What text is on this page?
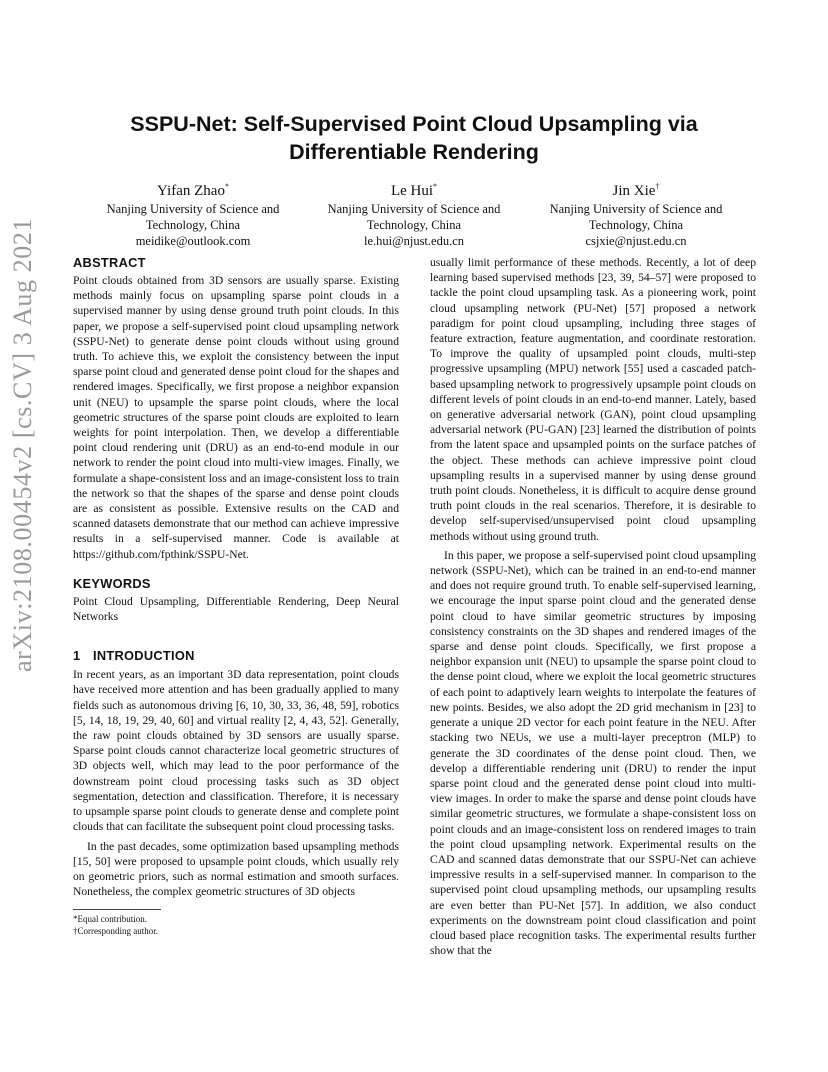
SSPU-Net: Self-Supervised Point Cloud Upsampling via Differentiable Rendering
Yifan Zhao*
Nanjing University of Science and
Technology, China
meidike@outlook.com
Le Hui*
Nanjing University of Science and
Technology, China
le.hui@njust.edu.cn
Jin Xie†
Nanjing University of Science and
Technology, China
csjxie@njust.edu.cn
arXiv:2108.00454v2 [cs.CV] 3 Aug 2021	ABSTRACT

Point clouds obtained from 3D sensors are usually sparse. Existing methods mainly focus on upsampling sparse point clouds in a supervised manner by using dense ground truth point clouds. In this paper, we propose a self-supervised point cloud upsampling network (SSPU-Net) to generate dense point clouds without using ground truth. To achieve this, we exploit the consistency between the input sparse point cloud and generated dense point cloud for the shapes and rendered images. Specifically, we first propose a neighbor expansion unit (NEU) to upsample the sparse point clouds, where the local geometric structures of the sparse point clouds are exploited to learn weights for point interpolation. Then, we develop a differentiable point cloud rendering unit (DRU) as an end-to-end module in our network to render the point cloud into multi-view images. Finally, we formulate a shape-consistent loss and an image-consistent loss to train the network so that the shapes of the sparse and dense point clouds are as consistent as possible. Extensive results on the CAD and scanned datasets demonstrate that our method can achieve impressive results in a self-supervised manner. Code is available at https://github.com/fpthink/SSPU-Net.

KEYWORDS

Point Cloud Upsampling, Differentiable Rendering, Deep Neural Networks

1 INTRODUCTION

In recent years, as an important 3D data representation, point clouds have received more attention and has been gradually applied to many fields such as autonomous driving [6, 10, 30, 33, 36, 48, 59], robotics [5, 14, 18, 19, 29, 40, 60] and virtual reality [2, 4, 43, 52]. Generally, the raw point clouds obtained by 3D sensors are usually sparse. Sparse point clouds cannot characterize local geometric structures of 3D objects well, which may lead to the poor performance of the downstream point cloud processing tasks such as 3D object segmentation, detection and classification. Therefore, it is necessary to upsample sparse point clouds to generate dense and complete point clouds that can facilitate the subsequent point cloud processing tasks.

In the past decades, some optimization based upsampling methods [15, 50] were proposed to upsample point clouds, which usually rely on geometric priors, such as normal estimation and smooth surfaces. Nonetheless, the complex geometric structures of 3D objects

*Equal contribution.
†Corresponding author.

usually limit performance of these methods. Recently, a lot of deep learning based supervised methods [23, 39, 54–57] were proposed to tackle the point cloud upsampling task. As a pioneering work, point cloud upsampling network (PU-Net) [57] proposed a network paradigm for point cloud upsampling, including three stages of feature extraction, feature augmentation, and coordinate restoration. To improve the quality of upsampled point clouds, multi-step progressive upsampling (MPU) network [55] used a cascaded patch-based upsampling network to progressively upsample point clouds on different levels of point clouds in an end-to-end manner. Lately, based on generative adversarial network (GAN), point cloud upsampling adversarial network (PU-GAN) [23] learned the distribution of points from the latent space and upsampled points on the surface patches of the object. These methods can achieve impressive point cloud upsampling results in a supervised manner by using dense ground truth point clouds. Nonetheless, it is difficult to acquire dense ground truth point clouds in the real scenarios. Therefore, it is desirable to develop self-supervised/unsupervised point cloud upsampling methods without using ground truth.

In this paper, we propose a self-supervised point cloud upsampling network (SSPU-Net), which can be trained in an end-to-end manner and does not require ground truth. To enable self-supervised learning, we encourage the input sparse point cloud and the generated dense point cloud to have similar geometric structures by imposing consistency constraints on the 3D shapes and rendered images of the sparse and dense point clouds. Specifically, we first propose a neighbor expansion unit (NEU) to upsample the sparse point cloud to the dense point cloud, where we exploit the local geometric structures of each point to adaptively learn weights to interpolate the features of new points. Besides, we also adopt the 2D grid mechanism in [23] to generate a unique 2D vector for each point feature in the NEU. After stacking two NEUs, we use a multi-layer preceptron (MLP) to generate the 3D coordinates of the dense point cloud. Then, we develop a differentiable rendering unit (DRU) to render the input sparse point cloud and the generated dense point cloud into multi-view images. In order to make the sparse and dense point clouds have similar geometric structures, we formulate a shape-consistent loss on point clouds and an image-consistent loss on rendered images to train the point cloud upsampling network. Experimental results on the CAD and scanned datas demonstrate that our SSPU-Net can achieve impressive results in a self-supervised manner. In comparison to the supervised point cloud upsampling methods, our upsampling results are even better than PU-Net [57]. In addition, we also conduct experiments on the downstream point cloud classification and point cloud based place recognition tasks. The experimental results further show that the
